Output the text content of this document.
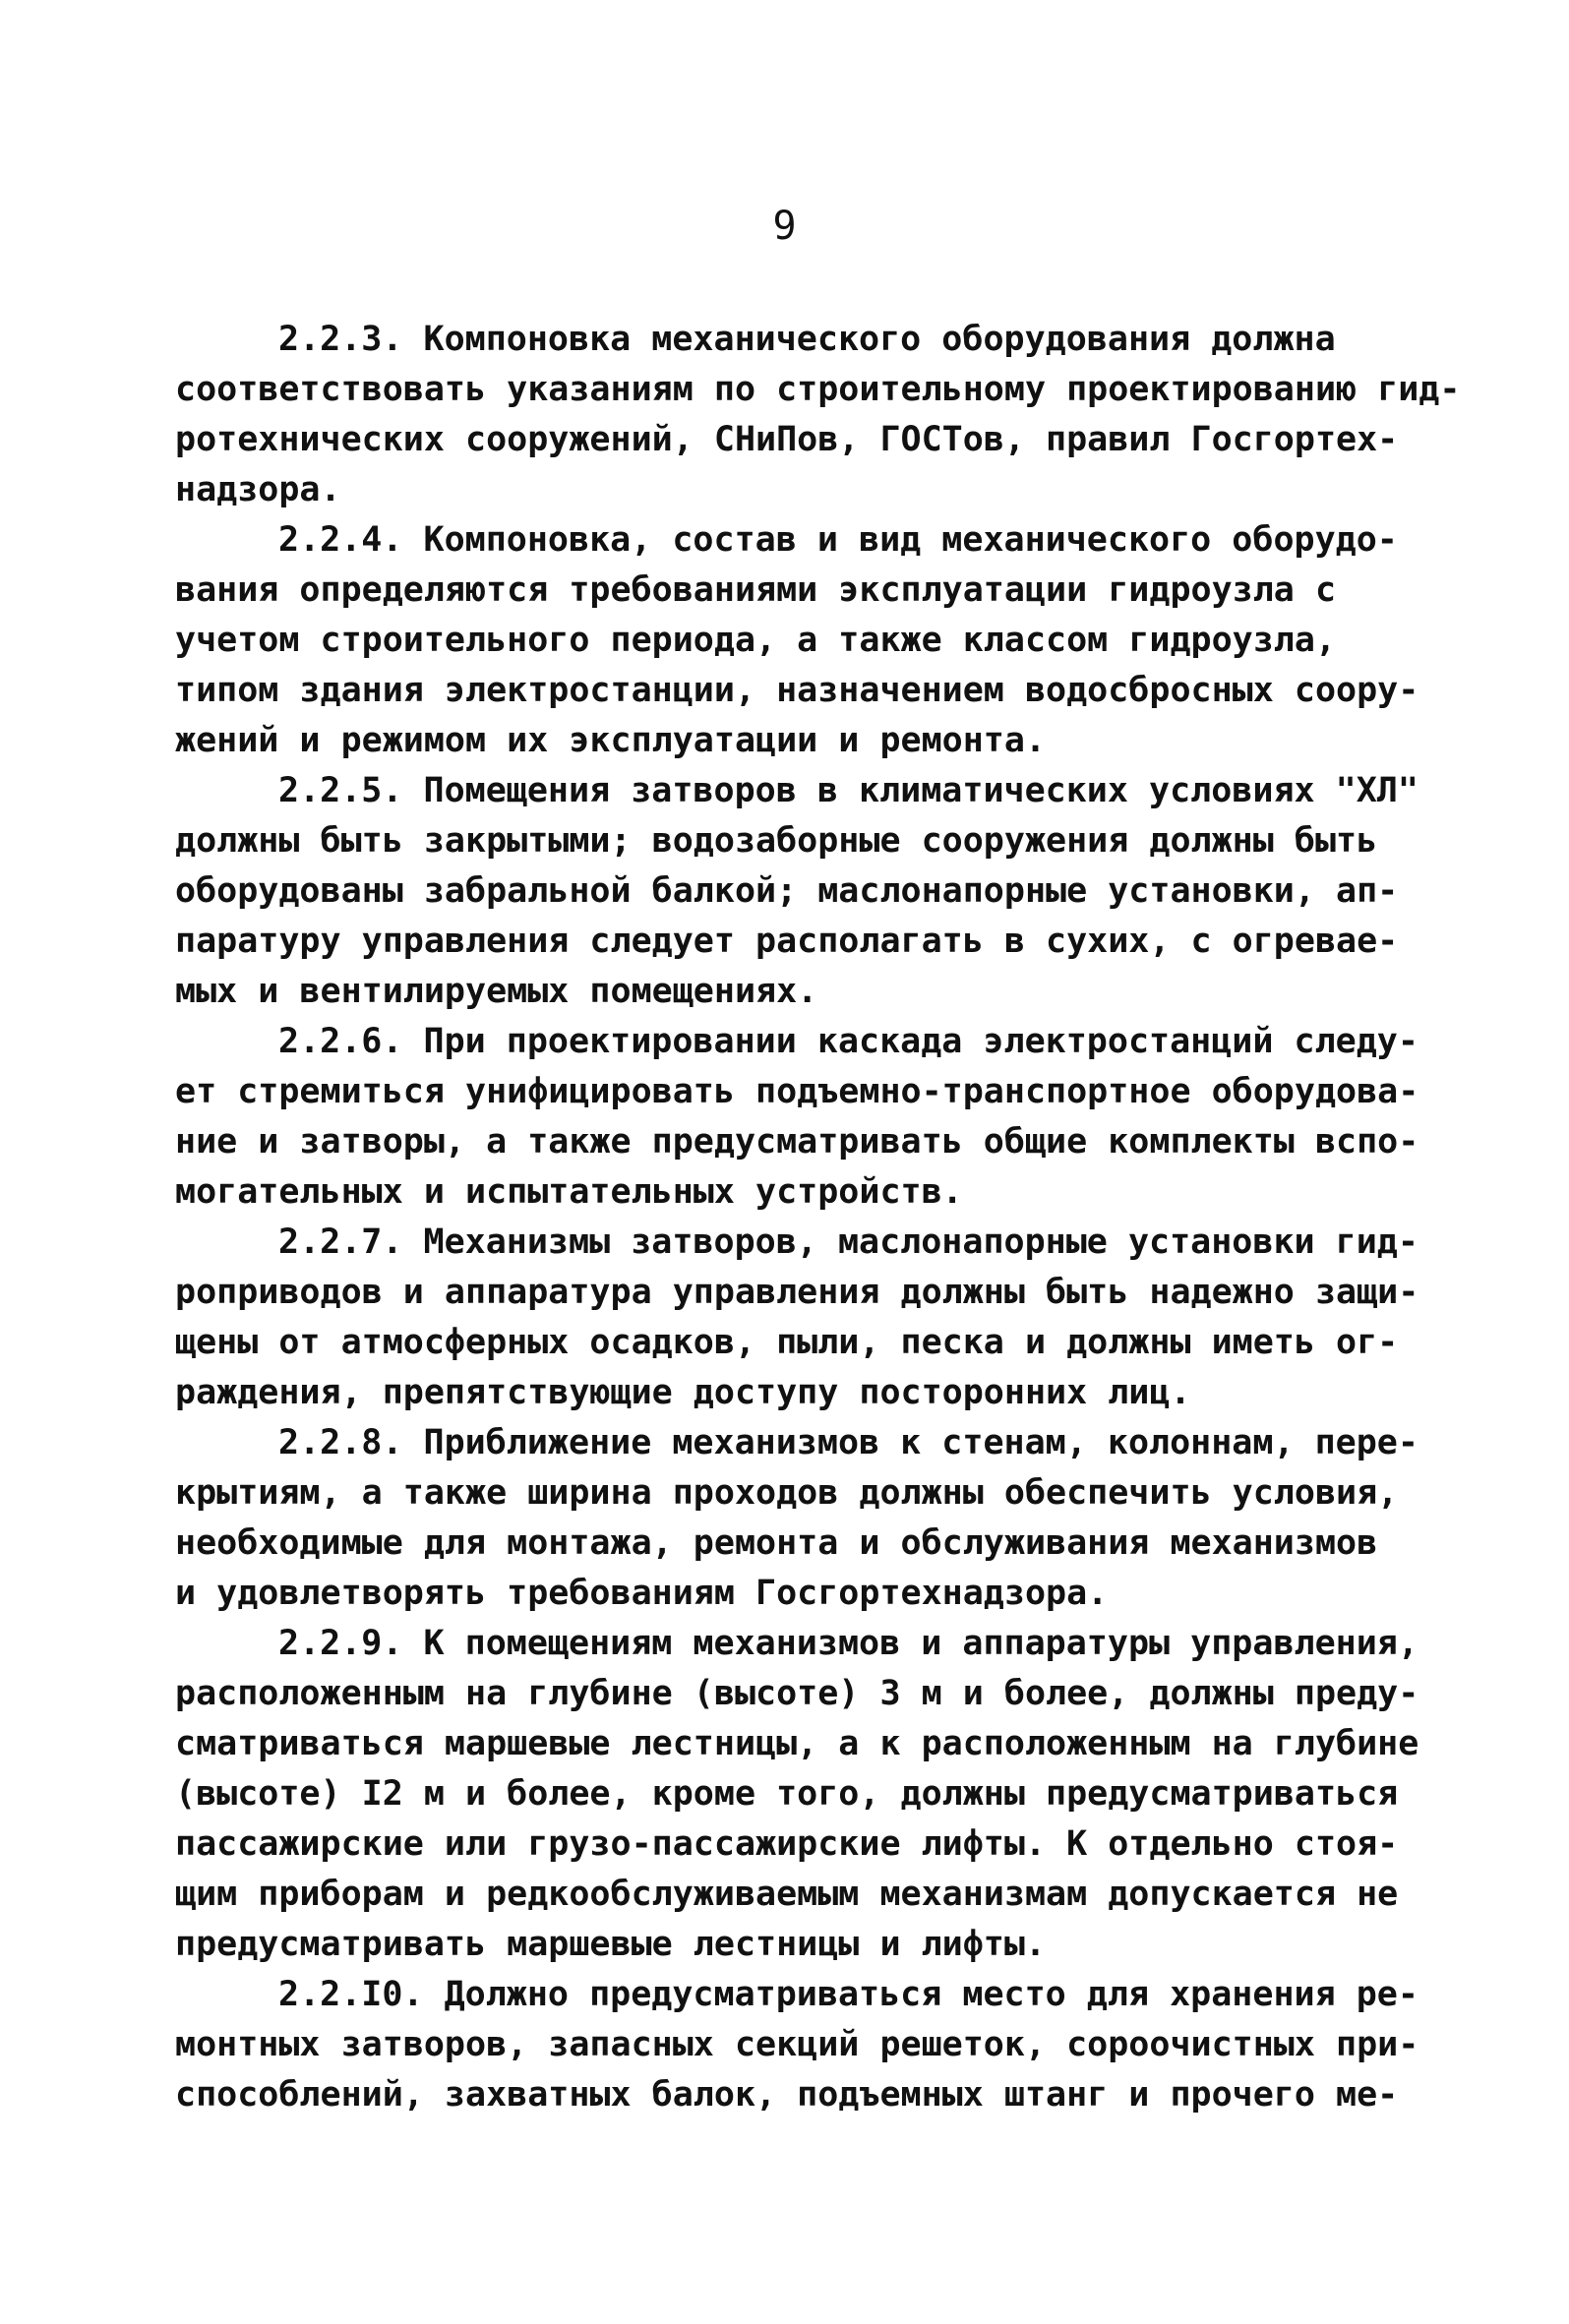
9
2.2.3. Компоновка механического оборудования должна
соответствовать указаниям по строительному проектированию гид-
ротехнических сооружений, СНиПов, ГОСТов, правил Госгортех-
надзора.
2.2.4. Компоновка, состав и вид механического оборудо-
вания определяются требованиями эксплуатации гидроузла с
учетом строительного периода, а также классом гидроузла,
типом здания электростанции, назначением водосбросных соору-
жений и режимом их эксплуатации и ремонта.
2.2.5. Помещения затворов в климатических условиях "ХЛ"
должны быть закрытыми; водозаборные сооружения должны быть
оборудованы забральной балкой; маслонапорные установки, ап-
паратуру управления следует располагать в сухих, с огревае-
мых и вентилируемых помещениях.
2.2.6. При проектировании каскада электростанций следу-
ет стремиться унифицировать подъемно-транспортное оборудова-
ние и затворы, а также предусматривать общие комплекты вспо-
могательных и испытательных устройств.
2.2.7. Механизмы затворов, маслонапорные установки гид-
роприводов и аппаратура управления должны быть надежно защи-
щены от атмосферных осадков, пыли, песка и должны иметь ог-
раждения, препятствующие доступу посторонних лиц.
2.2.8. Приближение механизмов к стенам, колоннам, пере-
крытиям, а также ширина проходов должны обеспечить условия,
необходимые для монтажа, ремонта и обслуживания механизмов
и удовлетворять требованиям Госгортехнадзора.
2.2.9. К помещениям механизмов и аппаратуры управления,
расположенным на глубине (высоте) 3 м и более, должны преду-
сматриваться маршевые лестницы, а к расположенным на глубине
(высоте) I2 м и более, кроме того, должны предусматриваться
пассажирские или грузо-пассажирские лифты. К отдельно стоя-
щим приборам и редкообслуживаемым механизмам допускается не
предусматривать маршевые лестницы и лифты.
2.2.I0. Должно предусматриваться место для хранения ре-
монтных затворов, запасных секций решеток, сороочистных при-
способлений, захватных балок, подъемных штанг и прочего ме-
